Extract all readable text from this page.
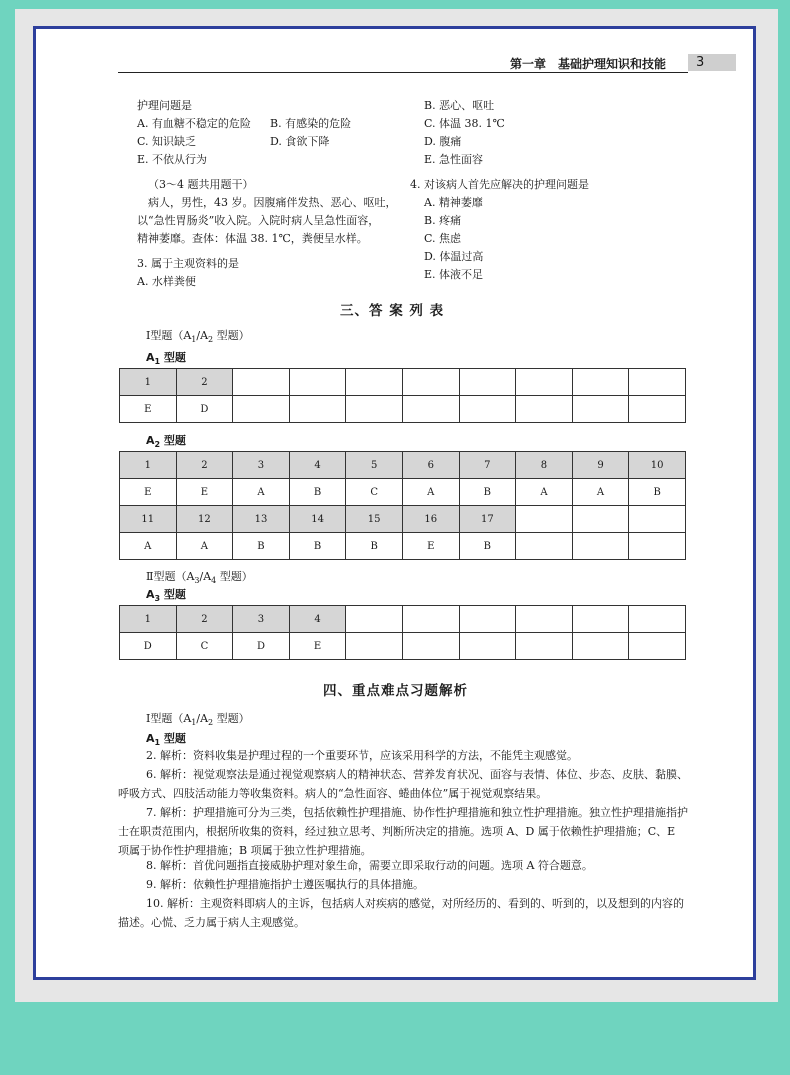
第一章　基础护理知识和技能	3
护理问题是
A. 有血糖不稳定的危险 B. 有感染的危险
C. 知识缺乏	D. 食欲下降
E. 不依从行为
（3～4 题共用题干）
病人，男性，43 岁。因腹痛伴发热、恶心、呕吐，
以“急性胃肠炎”收入院。入院时病人呈急性面容，
精神萎靡。查体：体温 38. 1℃，粪便呈水样。
3. 属于主观资料的是
A. 水样粪便
B. 恶心、呕吐
C. 体温 38. 1℃
D. 腹痛
E. 急性面容
4. 对该病人首先应解决的护理问题是
A. 精神萎靡
B. 疼痛
C. 焦虑
D. 体温过高
E. 体液不足
三、答 案 列 表
Ⅰ型题（$A_1/A_2$ 型题）
$A_1$ 型题
1	2								
E	D								
$A_2$ 型题
1	2	3	4	5	6	7	8	9	10
E	E	A	B	C	A	B	A	A	B
11	12	13	14	15	16	17			
A	A	B	B	B	E	B			
Ⅱ型题（$A_3/A_4$ 型题）
$A_3$ 型题
1	2	3	4						
D	C	D	E						
四、重点难点习题解析
Ⅰ型题（$A_1/A_2$ 型题）
$A_1$ 型题
2. 解析：资料收集是护理过程的一个重要环节，应该采用科学的方法，不能凭主观感觉。
6. 解析：视觉观察法是通过视觉观察病人的精神状态、营养发育状况、面容与表情、体位、步态、皮肤、黏膜、呼吸方式、四肢活动能力等收集资料。病人的“急性面容、蜷曲体位”属于视觉观察结果。
7. 解析：护理措施可分为三类，包括依赖性护理措施、协作性护理措施和独立性护理措施。独立性护理措施指护士在职责范围内，根据所收集的资料，经过独立思考、判断所决定的措施。选项 A、D 属于依赖性护理措施；C、E 项属于协作性护理措施；B 项属于独立性护理措施。
8. 解析：首优问题指直接威胁护理对象生命，需要立即采取行动的问题。选项 A 符合题意。
9. 解析：依赖性护理措施指护士遵医嘱执行的具体措施。
10. 解析：主观资料即病人的主诉，包括病人对疾病的感觉，对所经历的、看到的、听到的，以及想到的内容的描述。心慌、乏力属于病人主观感觉。
